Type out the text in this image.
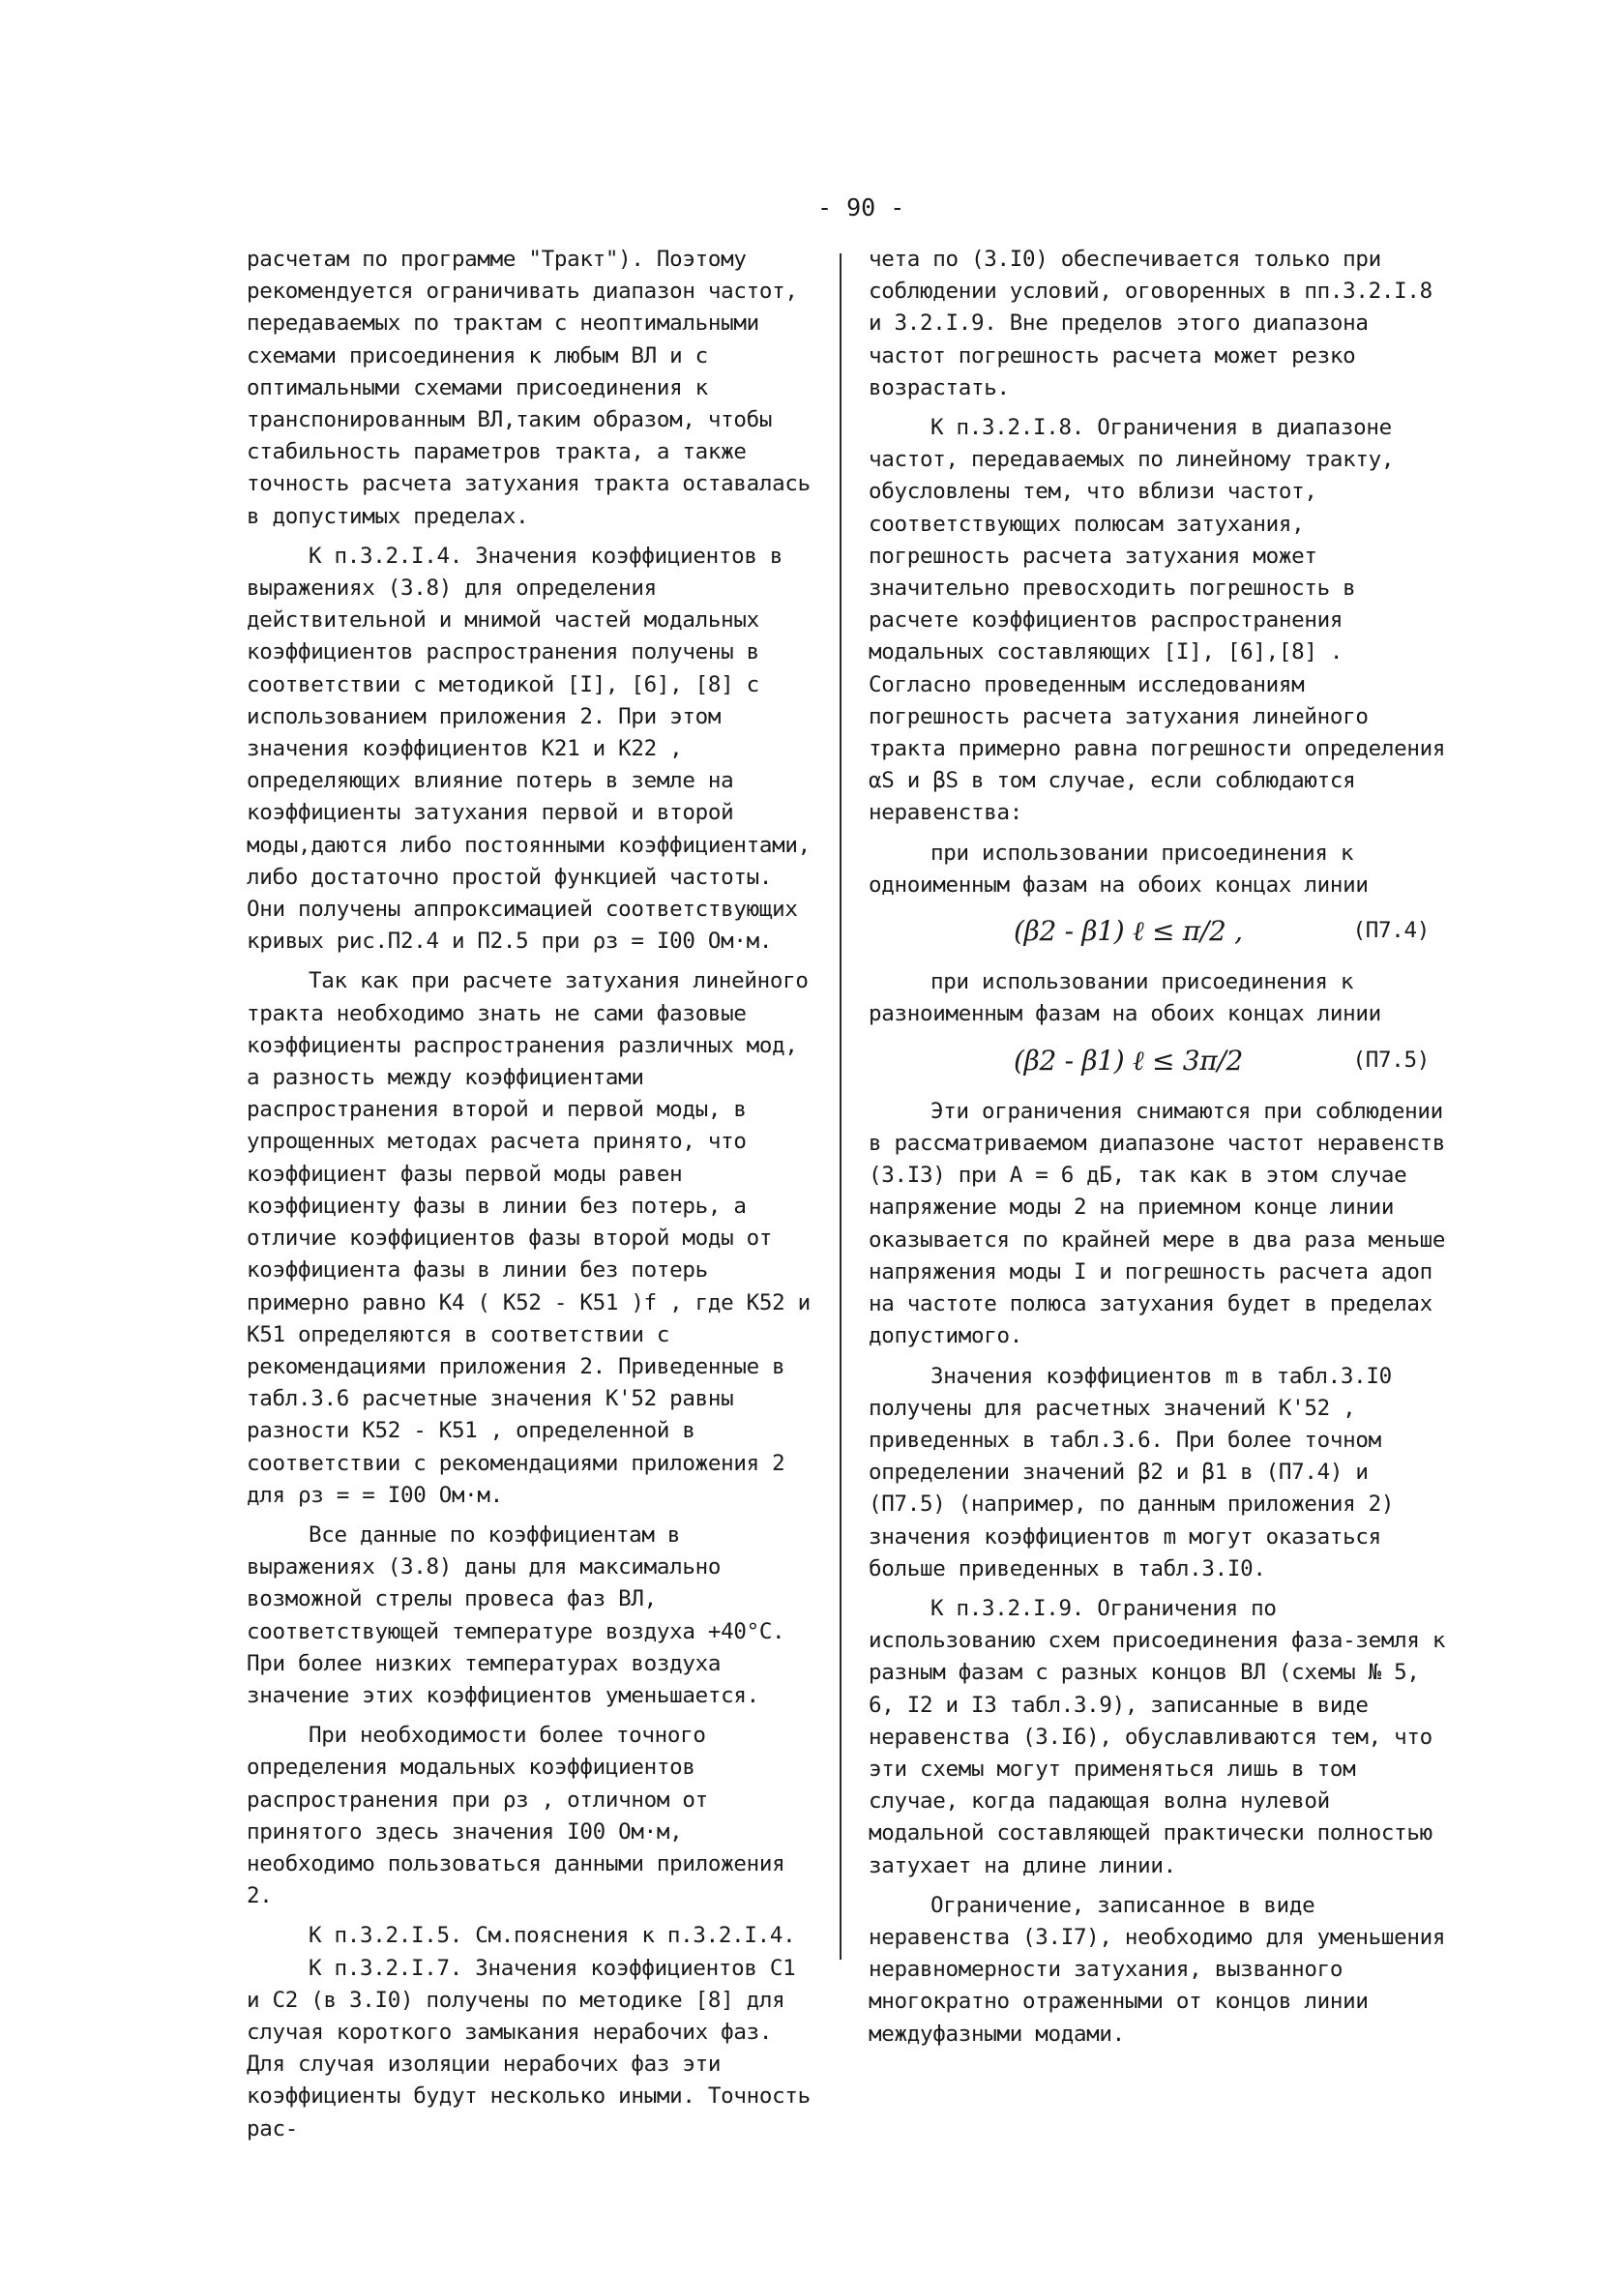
- 90 -

расчетам по программе "Тракт"). Поэтому рекомендуется ограничивать диапазон частот, передаваемых по трактам с неоптимальными схемами присоединения к любым ВЛ и с оптимальными схемами присоединения к транспонированным ВЛ,таким образом, чтобы стабильность параметров тракта, а также точность расчета затухания тракта оставалась в допустимых пределах.

К п.3.2.I.4. Значения коэффициентов в выражениях (3.8) для определения действительной и мнимой частей модальных коэффициентов распространения получены в соответствии с методикой [I], [6], [8] с использованием приложения 2. При этом значения коэффициентов K21 и K22 , определяющих влияние потерь в земле на коэффициенты затухания первой и второй моды,даются либо постоянными коэффициентами, либо достаточно простой функцией частоты. Они получены аппроксимацией соответствующих кривых рис.П2.4 и П2.5 при ρз = I00 Ом·м.

Так как при расчете затухания линейного тракта необходимо знать не сами фазовые коэффициенты распространения различных мод, а разность между коэффициентами распространения второй и первой моды, в упрощенных методах расчета принято, что коэффициент фазы первой моды равен коэффициенту фазы в линии без потерь, а отличие коэффициентов фазы второй моды от коэффициента фазы в линии без потерь примерно равно K4 ( K52 - K51 )f , где K52 и K51 определяются в соответствии с рекомендациями приложения 2. Приведенные в табл.3.6 расчетные значения K'52 равны разности K52 - K51 , определенной в соответствии с рекомендациями приложения 2 для ρз = = I00 Ом·м.

Все данные по коэффициентам в выражениях (3.8) даны для максимально возможной стрелы провеса фаз ВЛ, соответствующей температуре воздуха +40°С. При более низких температурах воздуха значение этих коэффициентов уменьшается.

При необходимости более точного определения модальных коэффициентов распространения при ρз , отличном от принятого здесь значения I00 Ом·м, необходимо пользоваться данными приложения 2.

К п.3.2.I.5. См.пояснения к п.3.2.I.4.

К п.3.2.I.7. Значения коэффициентов C1 и C2 (в 3.I0) получены по методике [8] для случая короткого замыкания нерабочих фаз. Для случая изоляции нерабочих фаз эти коэффициенты будут несколько иными. Точность рас-

чета по (3.I0) обеспечивается только при соблюдении условий, оговоренных в пп.3.2.I.8 и 3.2.I.9. Вне пределов этого диапазона частот погрешность расчета может резко возрастать.

К п.3.2.I.8. Ограничения в диапазоне частот, передаваемых по линейному тракту, обусловлены тем, что вблизи частот, соответствующих полюсам затухания, погрешность расчета затухания может значительно превосходить погрешность в расчете коэффициентов распространения модальных составляющих [I], [6],[8] . Согласно проведенным исследованиям погрешность расчета затухания линейного тракта примерно равна погрешности определения αS и βS в том случае, если соблюдаются неравенства:

при использовании присоединения к одноименным фазам на обоих концах линии

(β2 - β1) ℓ ≤ π/2 ,	(П7.4)

при использовании присоединения к разноименным фазам на обоих концах линии

(β2 - β1) ℓ ≤ 3π/2	(П7.5)

Эти ограничения снимаются при соблюдении в рассматриваемом диапазоне частот неравенств (3.I3) при A = 6 дБ, так как в этом случае напряжение моды 2 на приемном конце линии оказывается по крайней мере в два раза меньше напряжения моды I и погрешность расчета aдоп на частоте полюса затухания будет в пределах допустимого.

Значения коэффициентов m в табл.3.I0 получены для расчетных значений K'52 , приведенных в табл.3.6. При более точном определении значений β2 и β1 в (П7.4) и (П7.5) (например, по данным приложения 2) значения коэффициентов m могут оказаться больше приведенных в табл.3.I0.

К п.3.2.I.9. Ограничения по использованию схем присоединения фаза-земля к разным фазам с разных концов ВЛ (схемы № 5, 6, I2 и I3 табл.3.9), записанные в виде неравенства (3.I6), обуславливаются тем, что эти схемы могут применяться лишь в том случае, когда падающая волна нулевой модальной составляющей практически полностью затухает на длине линии.

Ограничение, записанное в виде неравенства (3.I7), необходимо для уменьшения неравномерности затухания, вызванного многократно отраженными от концов линии междуфазными модами.
